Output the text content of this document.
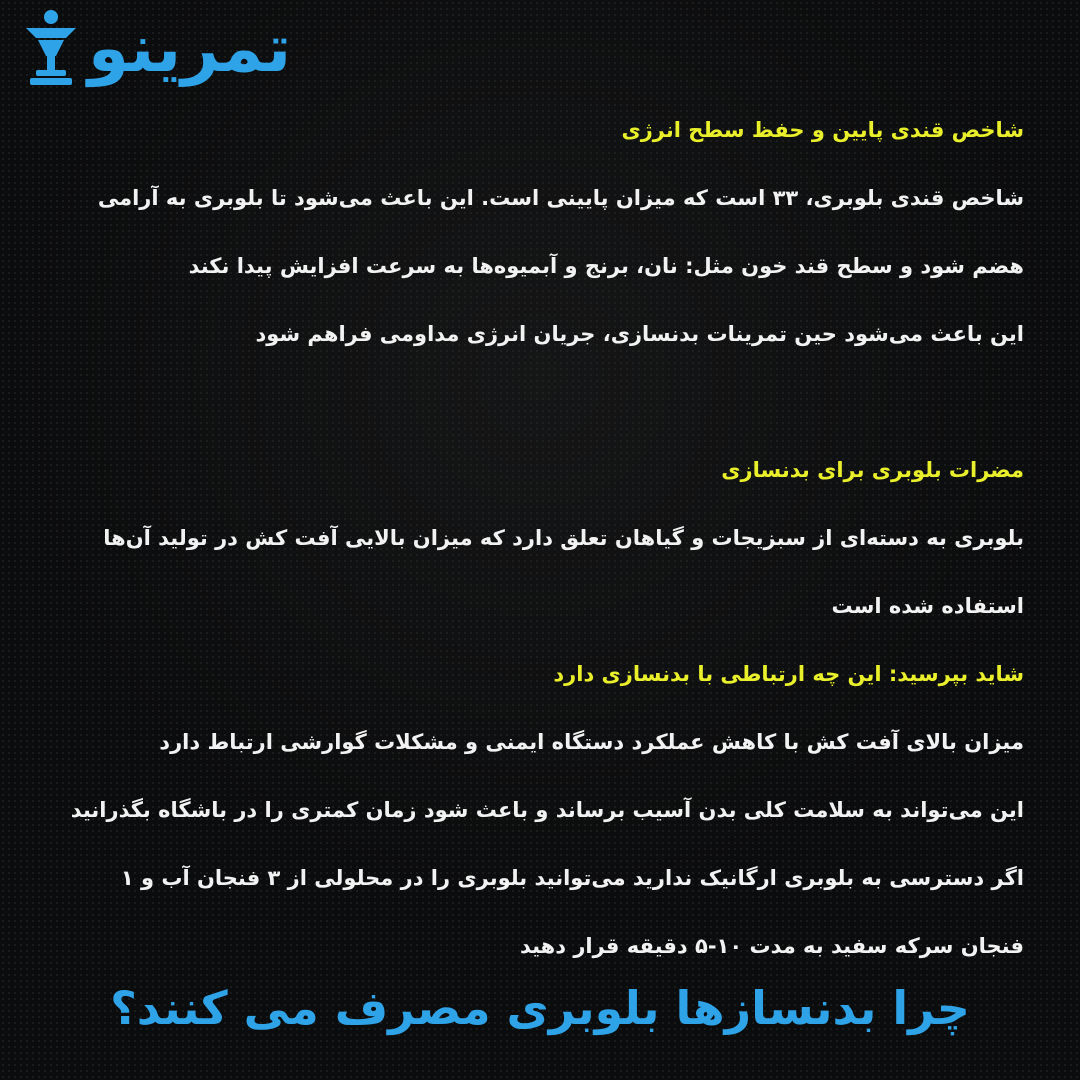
تمرینو
شاخص قندی پایین و حفظ سطح انرژی
شاخص قندی بلوبری، ۳۳ است که میزان پایینی است. این باعث می‌شود تا بلوبری به آرامی
هضم شود و سطح قند خون مثل: نان، برنج و آبمیوه‌ها به سرعت افزایش پیدا نکند
این باعث می‌شود حین تمرینات بدنسازی، جریان انرژی مداومی فراهم شود
مضرات بلوبری برای بدنسازی
بلوبری به دسته‌ای از سبزیجات و گیاهان تعلق دارد که میزان بالایی آفت کش در تولید آن‌ها
استفاده شده است
شاید بپرسید: این چه ارتباطی با بدنسازی دارد
میزان بالای آفت کش با کاهش عملکرد دستگاه ایمنی و مشکلات گوارشی ارتباط دارد
این می‌تواند به سلامت کلی بدن آسیب برساند و باعث شود زمان کمتری را در باشگاه بگذرانید
اگر دسترسی به بلوبری ارگانیک ندارید می‌توانید بلوبری را در محلولی از ۳ فنجان آب و ۱
فنجان سرکه سفید به مدت ۱۰-۵ دقیقه قرار دهید
چرا بدنسازها بلوبری مصرف می کنند؟
